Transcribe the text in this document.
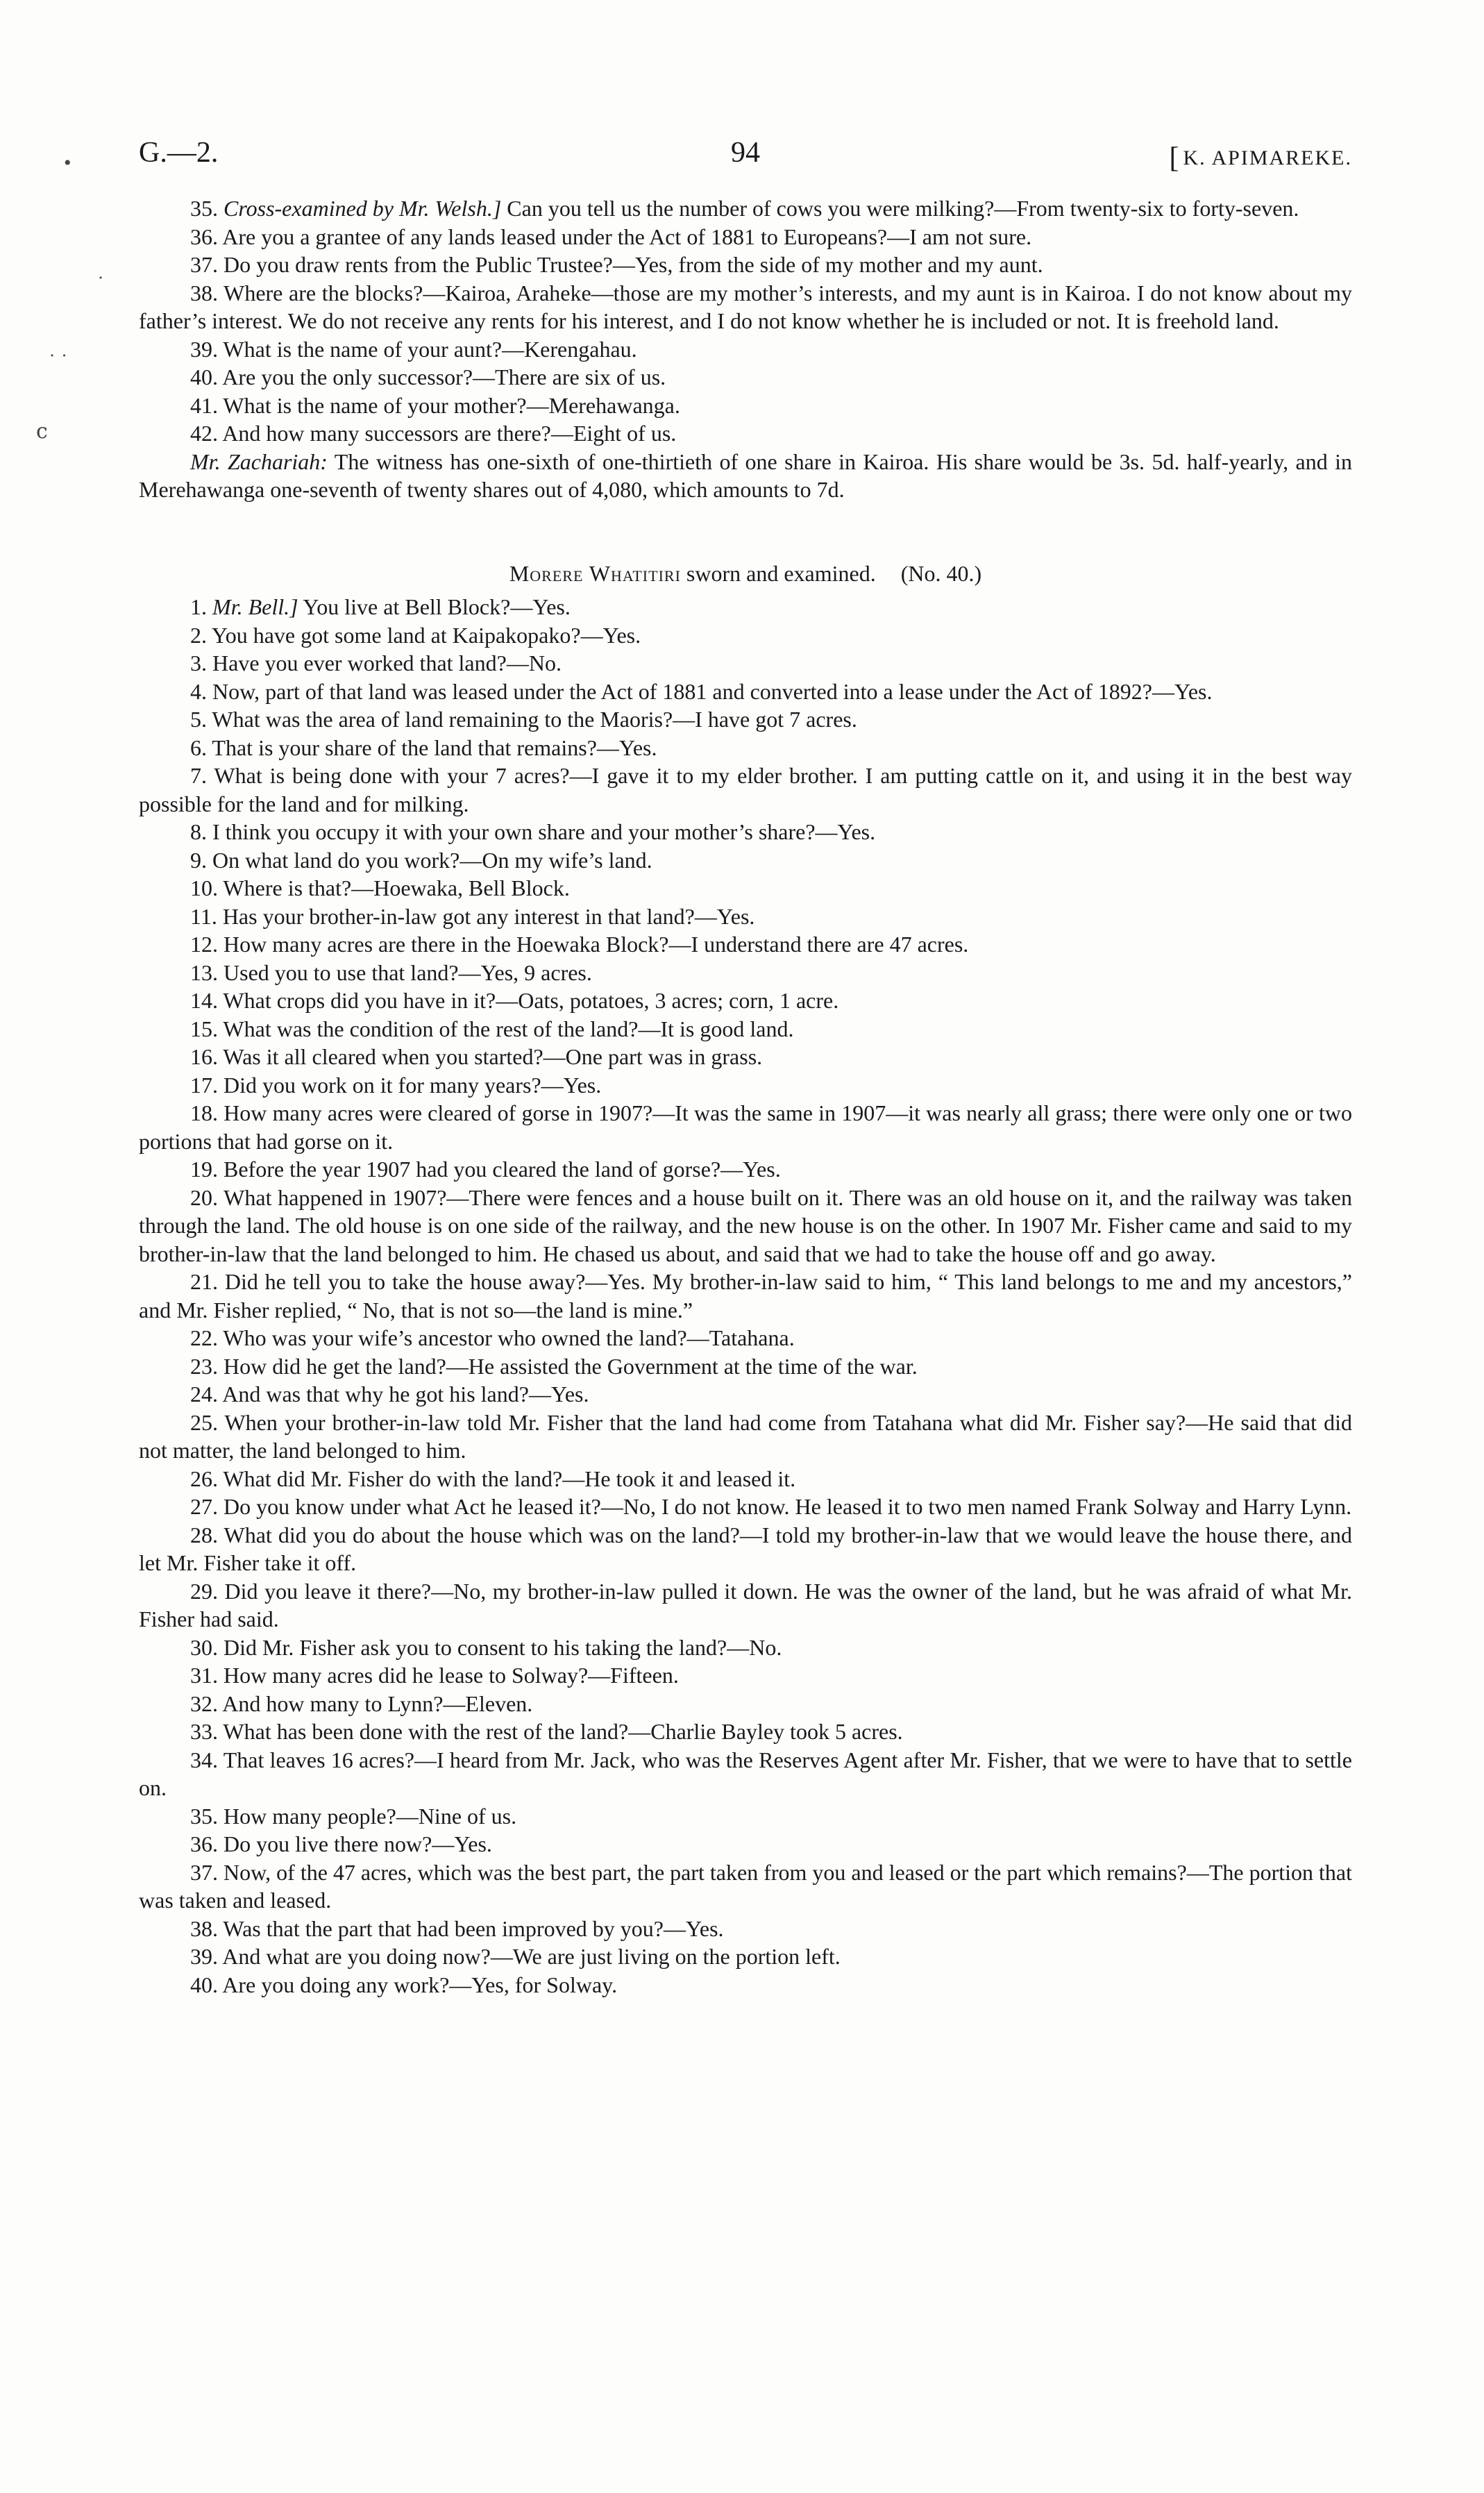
•
˙
˙ ˙
ⅽ
G.—2.	94	[ K. APIMAREKE.

35. Cross-examined by Mr. Welsh.] Can you tell us the number of cows you were milking?—From twenty-six to forty-seven.

36. Are you a grantee of any lands leased under the Act of 1881 to Europeans?—I am not sure.

37. Do you draw rents from the Public Trustee?—Yes, from the side of my mother and my aunt.

38. Where are the blocks?—Kairoa, Araheke—those are my mother’s interests, and my aunt is in Kairoa. I do not know about my father’s interest. We do not receive any rents for his interest, and I do not know whether he is included or not. It is freehold land.

39. What is the name of your aunt?—Kerengahau.

40. Are you the only successor?—There are six of us.

41. What is the name of your mother?—Merehawanga.

42. And how many successors are there?—Eight of us.

Mr. Zachariah: The witness has one-sixth of one-thirtieth of one share in Kairoa. His share would be 3s. 5d. half-yearly, and in Merehawanga one-seventh of twenty shares out of 4,080, which amounts to 7d.

Morere Whatitiri sworn and examined. (No. 40.)

1. Mr. Bell.] You live at Bell Block?—Yes.

2. You have got some land at Kaipakopako?—Yes.

3. Have you ever worked that land?—No.

4. Now, part of that land was leased under the Act of 1881 and converted into a lease under the Act of 1892?—Yes.

5. What was the area of land remaining to the Maoris?—I have got 7 acres.

6. That is your share of the land that remains?—Yes.

7. What is being done with your 7 acres?—I gave it to my elder brother. I am putting cattle on it, and using it in the best way possible for the land and for milking.

8. I think you occupy it with your own share and your mother’s share?—Yes.

9. On what land do you work?—On my wife’s land.

10. Where is that?—Hoewaka, Bell Block.

11. Has your brother-in-law got any interest in that land?—Yes.

12. How many acres are there in the Hoewaka Block?—I understand there are 47 acres.

13. Used you to use that land?—Yes, 9 acres.

14. What crops did you have in it?—Oats, potatoes, 3 acres; corn, 1 acre.

15. What was the condition of the rest of the land?—It is good land.

16. Was it all cleared when you started?—One part was in grass.

17. Did you work on it for many years?—Yes.

18. How many acres were cleared of gorse in 1907?—It was the same in 1907—it was nearly all grass; there were only one or two portions that had gorse on it.

19. Before the year 1907 had you cleared the land of gorse?—Yes.

20. What happened in 1907?—There were fences and a house built on it. There was an old house on it, and the railway was taken through the land. The old house is on one side of the railway, and the new house is on the other. In 1907 Mr. Fisher came and said to my brother-in-law that the land belonged to him. He chased us about, and said that we had to take the house off and go away.

21. Did he tell you to take the house away?—Yes. My brother-in-law said to him, “ This land belongs to me and my ancestors,” and Mr. Fisher replied, “ No, that is not so—the land is mine.”

22. Who was your wife’s ancestor who owned the land?—Tatahana.

23. How did he get the land?—He assisted the Government at the time of the war.

24. And was that why he got his land?—Yes.

25. When your brother-in-law told Mr. Fisher that the land had come from Tatahana what did Mr. Fisher say?—He said that did not matter, the land belonged to him.

26. What did Mr. Fisher do with the land?—He took it and leased it.

27. Do you know under what Act he leased it?—No, I do not know. He leased it to two men named Frank Solway and Harry Lynn.

28. What did you do about the house which was on the land?—I told my brother-in-law that we would leave the house there, and let Mr. Fisher take it off.

29. Did you leave it there?—No, my brother-in-law pulled it down. He was the owner of the land, but he was afraid of what Mr. Fisher had said.

30. Did Mr. Fisher ask you to consent to his taking the land?—No.

31. How many acres did he lease to Solway?—Fifteen.

32. And how many to Lynn?—Eleven.

33. What has been done with the rest of the land?—Charlie Bayley took 5 acres.

34. That leaves 16 acres?—I heard from Mr. Jack, who was the Reserves Agent after Mr. Fisher, that we were to have that to settle on.

35. How many people?—Nine of us.

36. Do you live there now?—Yes.

37. Now, of the 47 acres, which was the best part, the part taken from you and leased or the part which remains?—The portion that was taken and leased.

38. Was that the part that had been improved by you?—Yes.

39. And what are you doing now?—We are just living on the portion left.

40. Are you doing any work?—Yes, for Solway.
